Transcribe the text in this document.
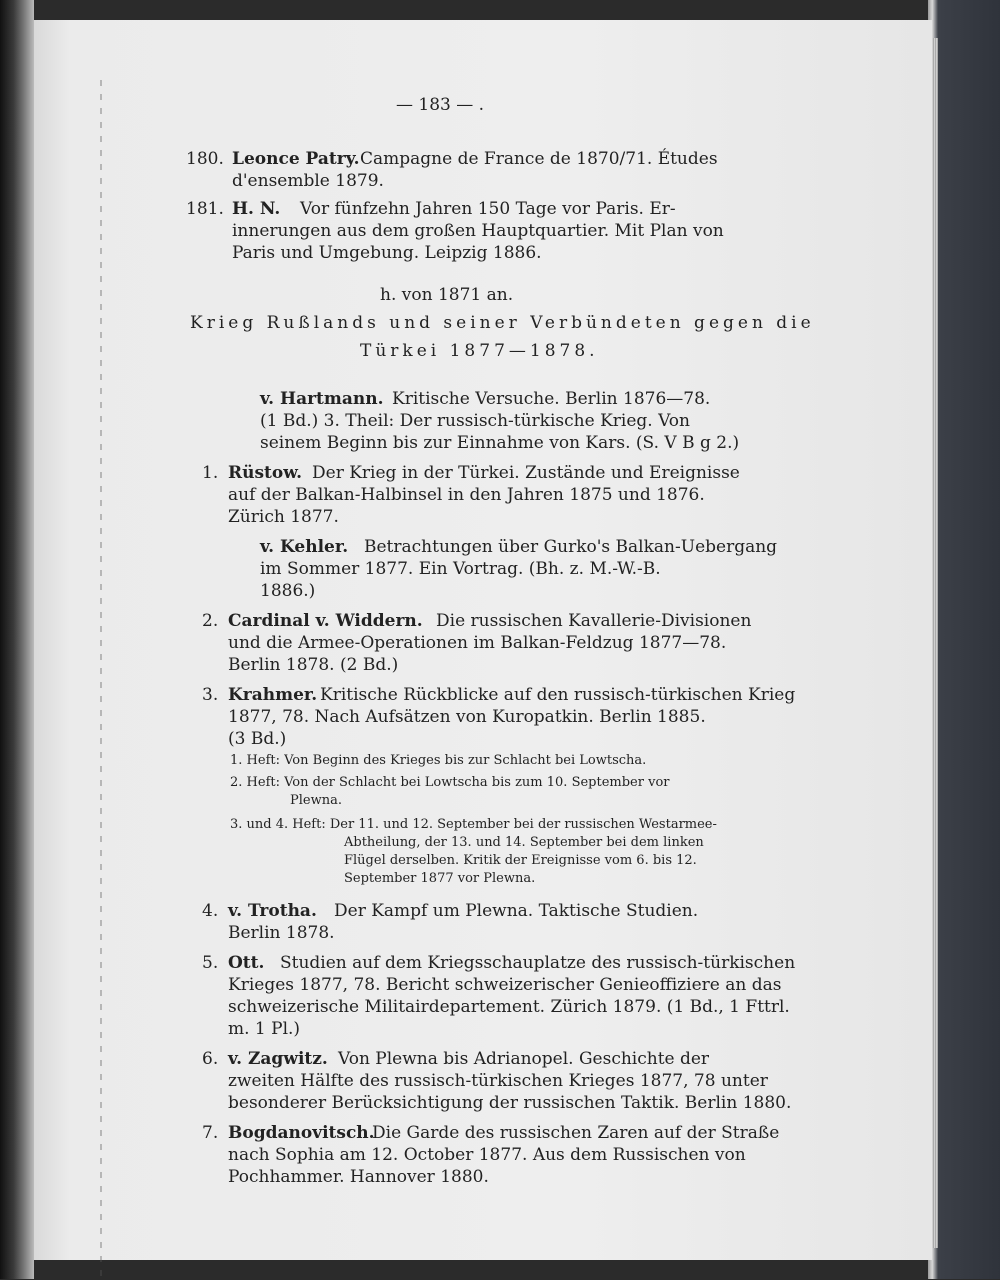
— 183 — .
180. Leonce Patry. Campagne de France de 1870/71. Études
d'ensemble 1879.
181. H. N. Vor fünfzehn Jahren 150 Tage vor Paris. Er-
innerungen aus dem großen Hauptquartier. Mit Plan von
Paris und Umgebung. Leipzig 1886.
h. von 1871 an.
Krieg Rußlands und seiner Verbündeten gegen die
Türkei 1877—1878.
v. Hartmann. Kritische Versuche. Berlin 1876—78.
(1 Bd.) 3. Theil: Der russisch-türkische Krieg. Von
seinem Beginn bis zur Einnahme von Kars. (S. V B g 2.)
1. Rüstow. Der Krieg in der Türkei. Zustände und Ereignisse
auf der Balkan-Halbinsel in den Jahren 1875 und 1876.
Zürich 1877.
v. Kehler. Betrachtungen über Gurko's Balkan-Uebergang
im Sommer 1877. Ein Vortrag. (Bh. z. M.-W.-B.
1886.)
2. Cardinal v. Widdern. Die russischen Kavallerie-Divisionen
und die Armee-Operationen im Balkan-Feldzug 1877—78.
Berlin 1878. (2 Bd.)
3. Krahmer. Kritische Rückblicke auf den russisch-türkischen Krieg
1877, 78. Nach Aufsätzen von Kuropatkin. Berlin 1885.
(3 Bd.)
1. Heft: Von Beginn des Krieges bis zur Schlacht bei Lowtscha.
2. Heft: Von der Schlacht bei Lowtscha bis zum 10. September vor
Plewna.
3. und 4. Heft: Der 11. und 12. September bei der russischen Westarmee-
Abtheilung, der 13. und 14. September bei dem linken
Flügel derselben. Kritik der Ereignisse vom 6. bis 12.
September 1877 vor Plewna.
4. v. Trotha. Der Kampf um Plewna. Taktische Studien.
Berlin 1878.
5. Ott. Studien auf dem Kriegsschauplatze des russisch-türkischen
Krieges 1877, 78. Bericht schweizerischer Genieoffiziere an das
schweizerische Militairdepartement. Zürich 1879. (1 Bd., 1 Fttrl.
m. 1 Pl.)
6. v. Zagwitz. Von Plewna bis Adrianopel. Geschichte der
zweiten Hälfte des russisch-türkischen Krieges 1877, 78 unter
besonderer Berücksichtigung der russischen Taktik. Berlin 1880.
7. Bogdanovitsch.
Die Garde des russischen Zaren auf der Straße
nach Sophia am 12. October 1877. Aus dem Russischen von
Pochhammer. Hannover 1880.
